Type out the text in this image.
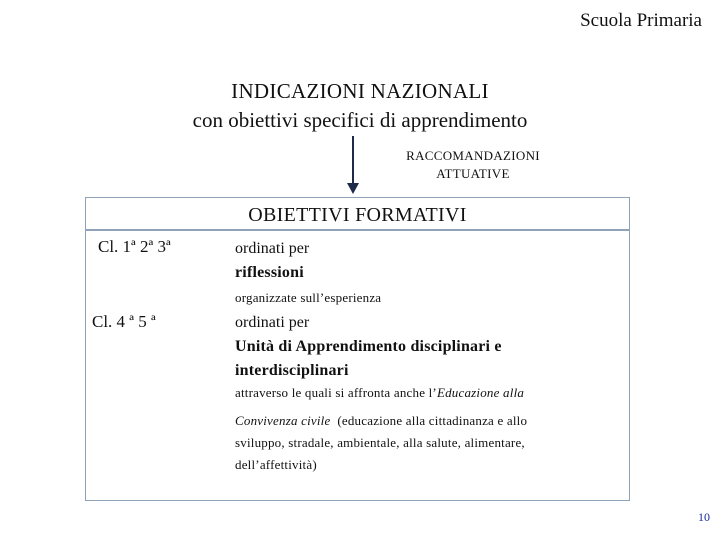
Scuola Primaria
INDICAZIONI NAZIONALI
con obiettivi specifici di apprendimento
RACCOMANDAZIONI
ATTUATIVE
OBIETTIVI FORMATIVI
Cl. 1ª 2ª 3ª	ordinati per
riflessioni
organizzate sull’esperienza
Cl. 4 ª 5 ª	ordinati per
Unità di Apprendimento disciplinari e
interdisciplinari
attraverso le quali si affronta anche l’Educazione alla
Convivenza civile  (educazione alla cittadinanza e allo
sviluppo, stradale, ambientale, alla salute, alimentare,
dell’affettività)
10
